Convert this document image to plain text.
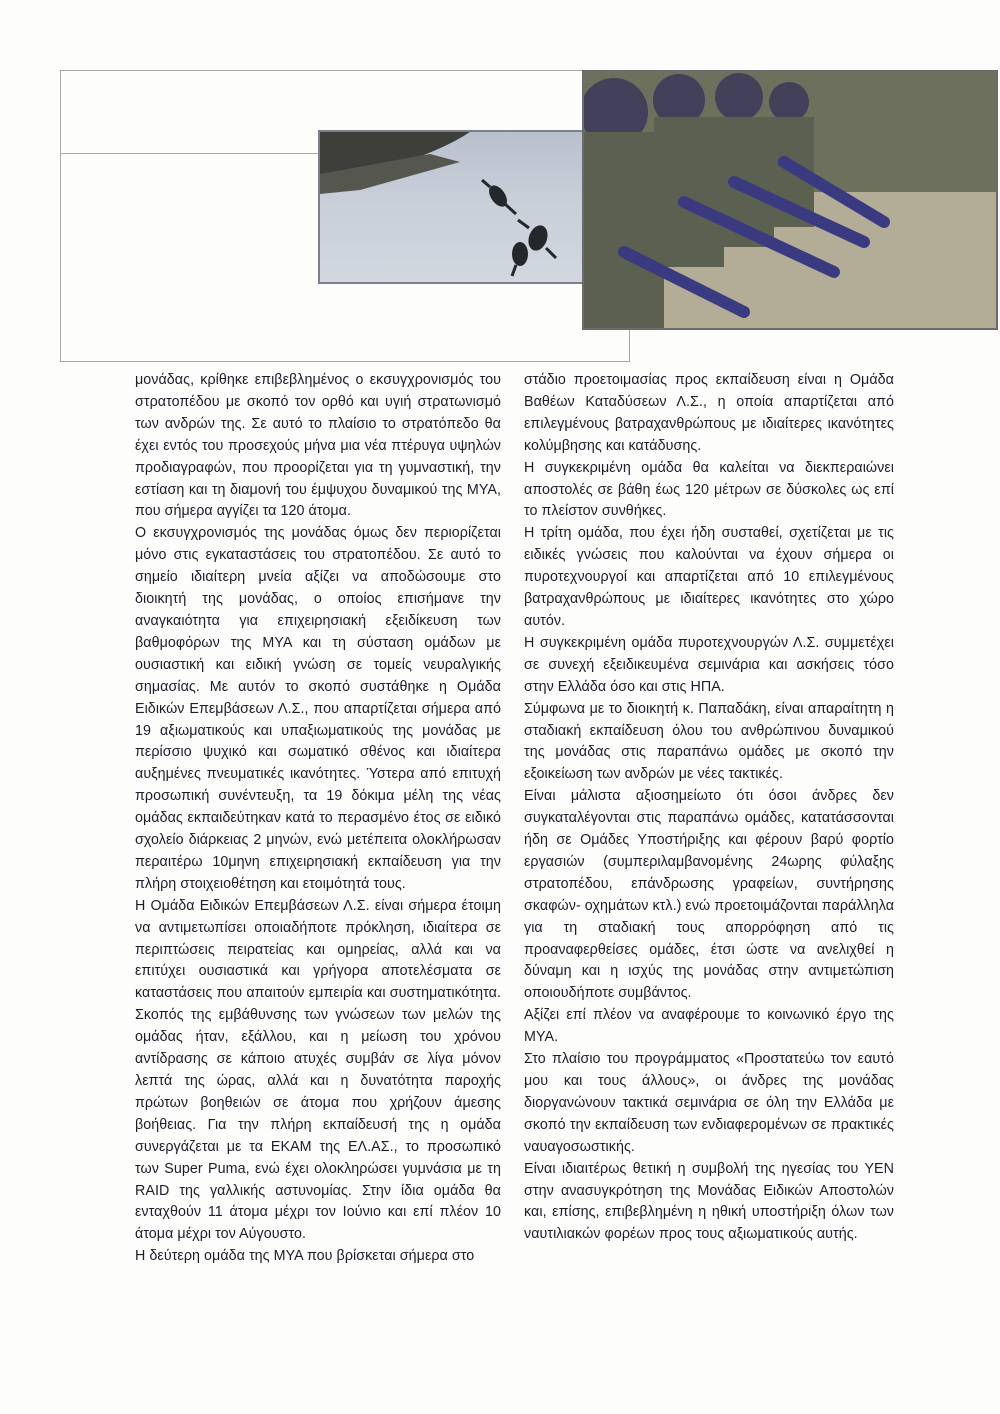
μονάδας, κρίθηκε επιβεβλημένος ο εκσυγχρονισμός του στρατοπέδου με σκοπό τον ορθό και υγιή στρατωνισμό των ανδρών της. Σε αυτό το πλαίσιο το στρατόπεδο θα έχει εντός του προσεχούς μήνα μια νέα πτέρυγα υψηλών προδιαγραφών, που προορίζεται για τη γυμναστική, την εστίαση και τη διαμονή του έμψυχου δυναμικού της ΜΥΑ, που σήμερα αγγίζει τα 120 άτομα.

Ο εκσυγχρονισμός της μονάδας όμως δεν περιορίζεται μόνο στις εγκαταστάσεις του στρατοπέδου. Σε αυτό το σημείο ιδιαίτερη μνεία αξίζει να αποδώσουμε στο διοικητή της μονάδας, ο οποίος επισήμανε την αναγκαιότητα για επιχειρησιακή εξειδίκευση των βαθμοφόρων της ΜΥΑ και τη σύσταση ομάδων με ουσιαστική και ειδική γνώση σε τομείς νευραλγικής σημασίας. Με αυτόν το σκοπό συστάθηκε η Ομάδα Ειδικών Επεμβάσεων Λ.Σ., που απαρτίζεται σήμερα από 19 αξιωματικούς και υπαξιωματικούς της μονάδας με περίσσιο ψυχικό και σωματικό σθένος και ιδιαίτερα αυξημένες πνευματικές ικανότητες. Ύστερα από επιτυχή προσωπική συνέντευξη, τα 19 δόκιμα μέλη της νέας ομάδας εκπαιδεύτηκαν κατά το περασμένο έτος σε ειδικό σχολείο διάρκειας 2 μηνών, ενώ μετέπειτα ολοκλήρωσαν περαιτέρω 10μηνη επιχειρησιακή εκπαίδευση για την πλήρη στοιχειοθέτηση και ετοιμότητά τους.

Η Ομάδα Ειδικών Επεμβάσεων Λ.Σ. είναι σήμερα έτοιμη να αντιμετωπίσει οποιαδήποτε πρόκληση, ιδιαίτερα σε περιπτώσεις πειρατείας και ομηρείας, αλλά και να επιτύχει ουσιαστικά και γρήγορα αποτελέσματα σε καταστάσεις που απαιτούν εμπειρία και συστηματικότητα. Σκοπός της εμβάθυνσης των γνώσεων των μελών της ομάδας ήταν, εξάλλου, και η μείωση του χρόνου αντίδρασης σε κάποιο ατυχές συμβάν σε λίγα μόνον λεπτά της ώρας, αλλά και η δυνατότητα παροχής πρώτων βοηθειών σε άτομα που χρήζουν άμεσης βοήθειας. Για την πλήρη εκπαίδευσή της η ομάδα συνεργάζεται με τα ΕΚΑΜ της ΕΛ.ΑΣ., το προσωπικό των Super Puma, ενώ έχει ολοκληρώσει γυμνάσια με τη RAID της γαλλικής αστυνομίας. Στην ίδια ομάδα θα ενταχθούν 11 άτομα μέχρι τον Ιούνιο και επί πλέον 10 άτομα μέχρι τον Αύγουστο.

Η δεύτερη ομάδα της ΜΥΑ που βρίσκεται σήμερα στο

στάδιο προετοιμασίας προς εκπαίδευση είναι η Ομάδα Βαθέων Καταδύσεων Λ.Σ., η οποία απαρτίζεται από επιλεγμένους βατραχανθρώπους με ιδιαίτερες ικανότητες κολύμβησης και κατάδυσης.

Η συγκεκριμένη ομάδα θα καλείται να διεκπεραιώνει αποστολές σε βάθη έως 120 μέτρων σε δύσκολες ως επί το πλείστον συνθήκες.

Η τρίτη ομάδα, που έχει ήδη συσταθεί, σχετίζεται με τις ειδικές γνώσεις που καλούνται να έχουν σήμερα οι πυροτεχνουργοί και απαρτίζεται από 10 επιλεγμένους βατραχανθρώπους με ιδιαίτερες ικανότητες στο χώρο αυτόν.

Η συγκεκριμένη ομάδα πυροτεχνουργών Λ.Σ. συμμετέχει σε συνεχή εξειδικευμένα σεμινάρια και ασκήσεις τόσο στην Ελλάδα όσο και στις ΗΠΑ.

Σύμφωνα με το διοικητή κ. Παπαδάκη, είναι απαραίτητη η σταδιακή εκπαίδευση όλου του ανθρώπινου δυναμικού της μονάδας στις παραπάνω ομάδες με σκοπό την εξοικείωση των ανδρών με νέες τακτικές.

Είναι μάλιστα αξιοσημείωτο ότι όσοι άνδρες δεν συγκαταλέγονται στις παραπάνω ομάδες, κατατάσσονται ήδη σε Ομάδες Υποστήριξης και φέρουν βαρύ φορτίο εργασιών (συμπεριλαμβανομένης 24ωρης φύλαξης στρατοπέδου, επάνδρωσης γραφείων, συντήρησης σκαφών- οχημάτων κτλ.) ενώ προετοιμάζονται παράλληλα για τη σταδιακή τους απορρόφηση από τις προαναφερθείσες ομάδες, έτσι ώστε να ανελιχθεί η δύναμη και η ισχύς της μονάδας στην αντιμετώπιση οποιουδήποτε συμβάντος.

Αξίζει επί πλέον να αναφέρουμε το κοινωνικό έργο της ΜΥΑ.

Στο πλαίσιο του προγράμματος «Προστατεύω τον εαυτό μου και τους άλλους», οι άνδρες της μονάδας διοργανώνουν τακτικά σεμινάρια σε όλη την Ελλάδα με σκοπό την εκπαίδευση των ενδιαφερομένων σε πρακτικές ναυαγοσωστικής.

Είναι ιδιαιτέρως θετική η συμβολή της ηγεσίας του ΥΕΝ στην ανασυγκρότηση της Μονάδας Ειδικών Αποστολών και, επίσης, επιβεβλημένη η ηθική υποστήριξη όλων των ναυτιλιακών φορέων προς τους αξιωματικούς αυτής.
